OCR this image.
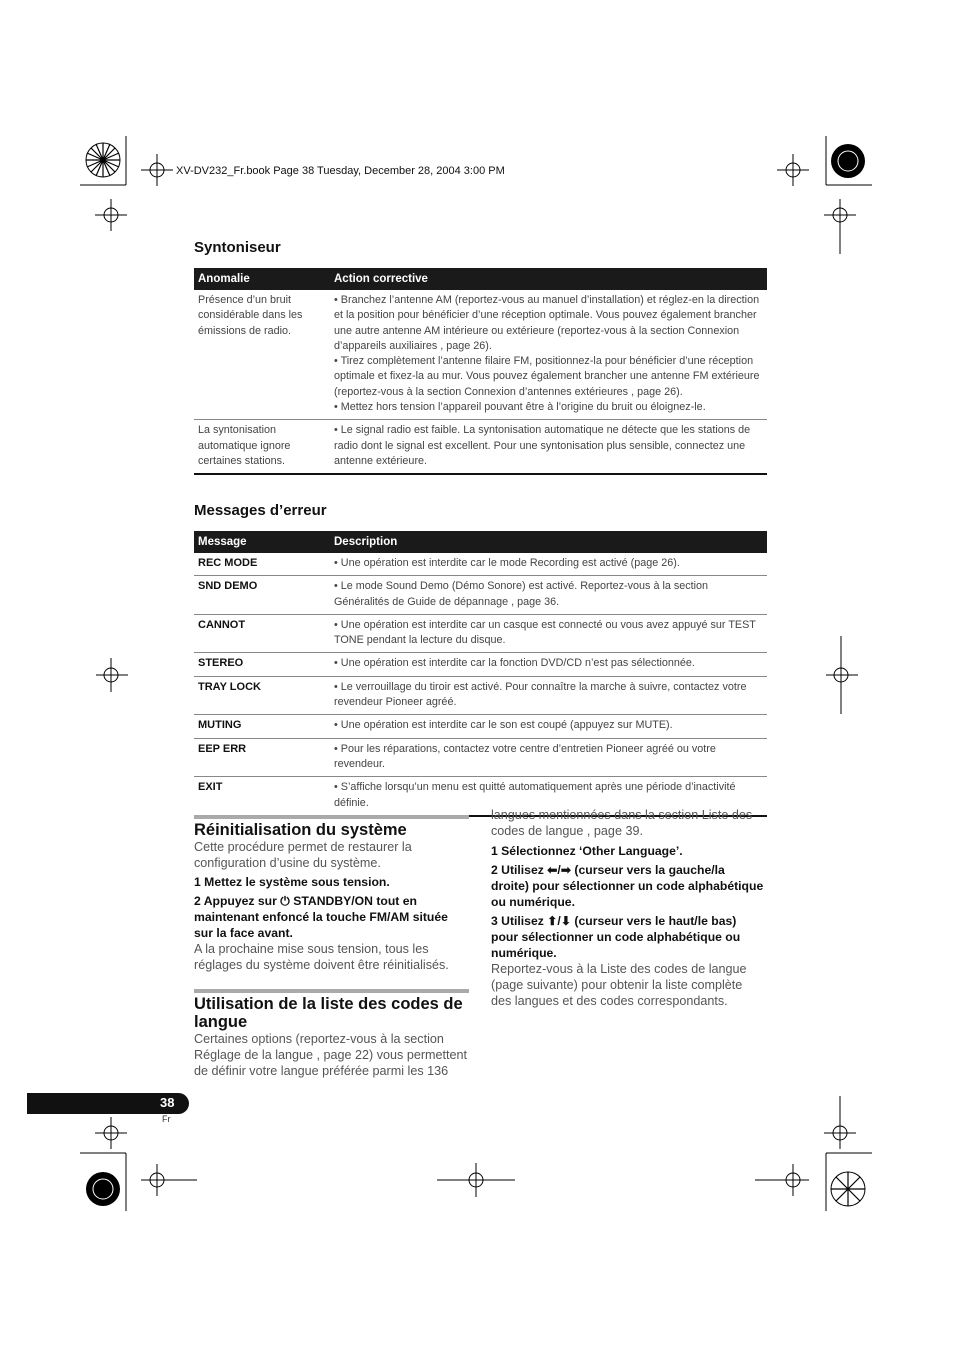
XV-DV232_Fr.book Page 38 Tuesday, December 28, 2004 3:00 PM
Syntoniseur
Anomalie	Action corrective
Présence d’un bruit considérable dans les émissions de radio.	• Branchez l’antenne AM (reportez-vous au manuel d’installation) et réglez-en la direction et la position pour bénéficier d’une réception optimale. Vous pouvez également brancher une autre antenne AM intérieure ou extérieure (reportez-vous à la section Connexion d’appareils auxiliaires , page 26).
• Tirez complètement l’antenne filaire FM, positionnez-la pour bénéficier d’une réception optimale et fixez-la au mur. Vous pouvez également brancher une antenne FM extérieure (reportez-vous à la section Connexion d’antennes extérieures , page 26).
• Mettez hors tension l’appareil pouvant être à l’origine du bruit ou éloignez-le.

La syntonisation automatique ignore certaines stations.	• Le signal radio est faible. La syntonisation automatique ne détecte que les stations de radio dont le signal est excellent. Pour une syntonisation plus sensible, connectez une antenne extérieure.
Messages d’erreur
Message	Description
REC MODE	• Une opération est interdite car le mode Recording est activé (page 26).
SND DEMO	• Le mode Sound Demo (Démo Sonore) est activé. Reportez-vous à la section Généralités de Guide de dépannage , page 36.
CANNOT	• Une opération est interdite car un casque est connecté ou vous avez appuyé sur TEST TONE pendant la lecture du disque.
STEREO	• Une opération est interdite car la fonction DVD/CD n’est pas sélectionnée.
TRAY LOCK	• Le verrouillage du tiroir est activé. Pour connaître la marche à suivre, contactez votre revendeur Pioneer agréé.
MUTING	• Une opération est interdite car le son est coupé (appuyez sur MUTE).
EEP ERR	• Pour les réparations, contactez votre centre d’entretien Pioneer agréé ou votre revendeur.
EXIT	• S’affiche lorsqu’un menu est quitté automatiquement après une période d’inactivité définie.
Réinitialisation du système
Cette procédure permet de restaurer la configuration d’usine du système.
1 Mettez le système sous tension.
2 Appuyez sur ⏻ STANDBY/ON tout en maintenant enfoncé la touche FM/AM située sur la face avant.
A la prochaine mise sous tension, tous les réglages du système doivent être réinitialisés.
Utilisation de la liste des codes de langue
Certaines options (reportez-vous à la section Réglage de la langue , page 22) vous permettent de définir votre langue préférée parmi les 136
langues mentionnées dans la section Liste des codes de langue , page 39.
1 Sélectionnez ‘Other Language’.
2 Utilisez ⬅/➡ (curseur vers la gauche/la droite) pour sélectionner un code alphabétique ou numérique.
3 Utilisez ⬆/⬇ (curseur vers le haut/le bas) pour sélectionner un code alphabétique ou numérique.
Reportez-vous à la Liste des codes de langue (page suivante) pour obtenir la liste complète des langues et des codes correspondants.
38
Fr
